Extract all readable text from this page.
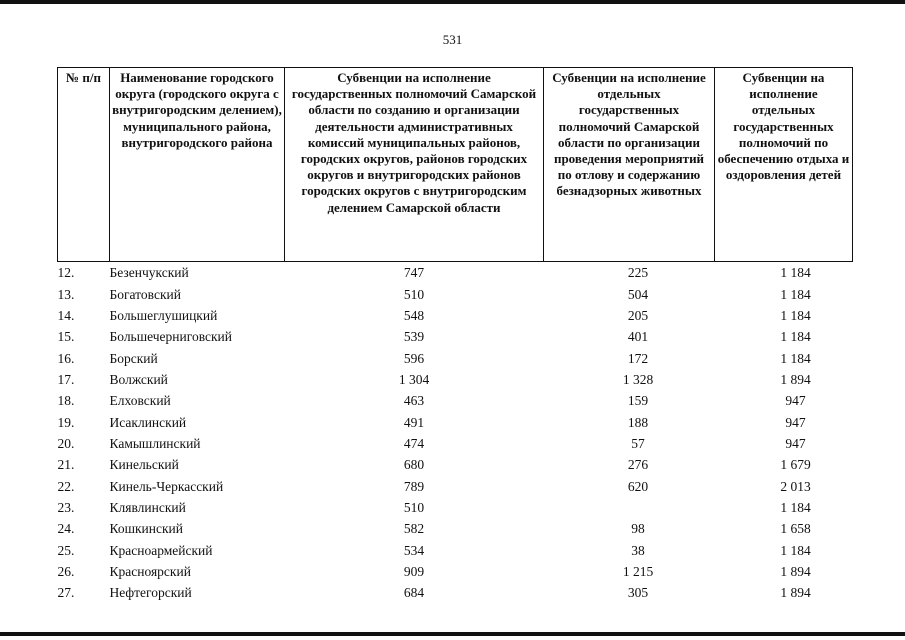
531
№ п/п	Наименование городского округа (городского округа с внутригородским делением), муниципального района, внутригородского района	Субвенции на исполнение государственных полномочий Самарской области по созданию и организации деятельности административных комиссий муниципальных районов, городских округов, районов городских округов и внутригородских районов городских округов с внутригородским делением Самарской области	Субвенции на исполнение отдельных государственных полномочий Самарской области по организации проведения мероприятий по отлову и содержанию безнадзорных животных	Субвенции на исполнение отдельных государственных полномочий по обеспечению отдыха и оздоровления детей
12.	Безенчукский	747	225	1 184
13.	Богатовский	510	504	1 184
14.	Большеглушицкий	548	205	1 184
15.	Большечерниговский	539	401	1 184
16.	Борский	596	172	1 184
17.	Волжский	1 304	1 328	1 894
18.	Елховский	463	159	947
19.	Исаклинский	491	188	947
20.	Камышлинский	474	57	947
21.	Кинельский	680	276	1 679
22.	Кинель-Черкасский	789	620	2 013
23.	Клявлинский	510		1 184
24.	Кошкинский	582	98	1 658
25.	Красноармейский	534	38	1 184
26.	Красноярский	909	1 215	1 894
27.	Нефтегорский	684	305	1 894
